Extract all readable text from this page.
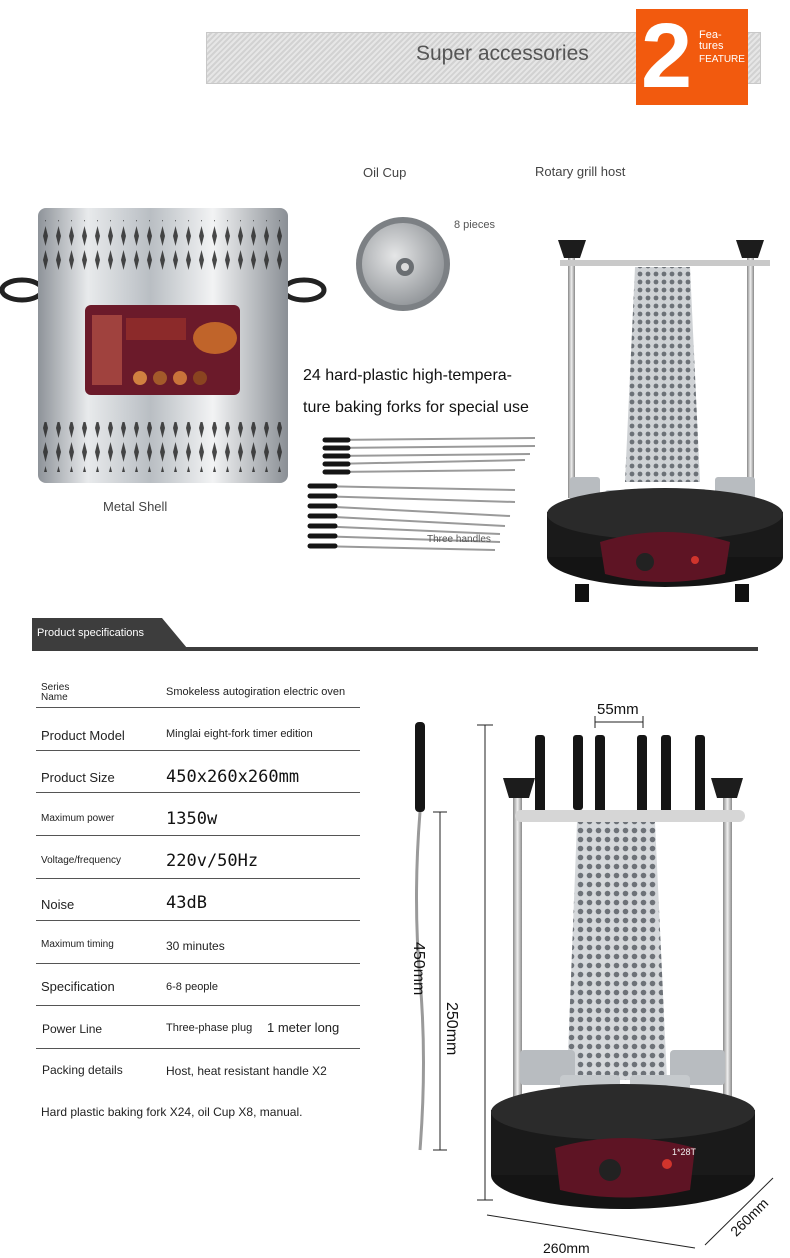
Super accessories 2 Fea-
tures
FEATURE
Oil Cup
8 pieces
Rotary grill host
Metal Shell
24 hard-plastic high-tempera-
ture baking forks for special use
Three handles
Product specifications
Series Name	Smokeless autogiration electric oven
Product Model	Minglai eight-fork timer edition
Product Size	450x260x260mm
Maximum power	1350w
Voltage/frequency	220v/50Hz
Noise	43dB
Maximum timing	30 minutes
Specification	6-8 people
Power Line	Three-phase plug 1 meter long
Packing details	Host, heat resistant handle X2
Hard plastic baking fork X24, oil Cup X8, manual.
55mm
1*28T
450mm
250mm
260mm
260mm
